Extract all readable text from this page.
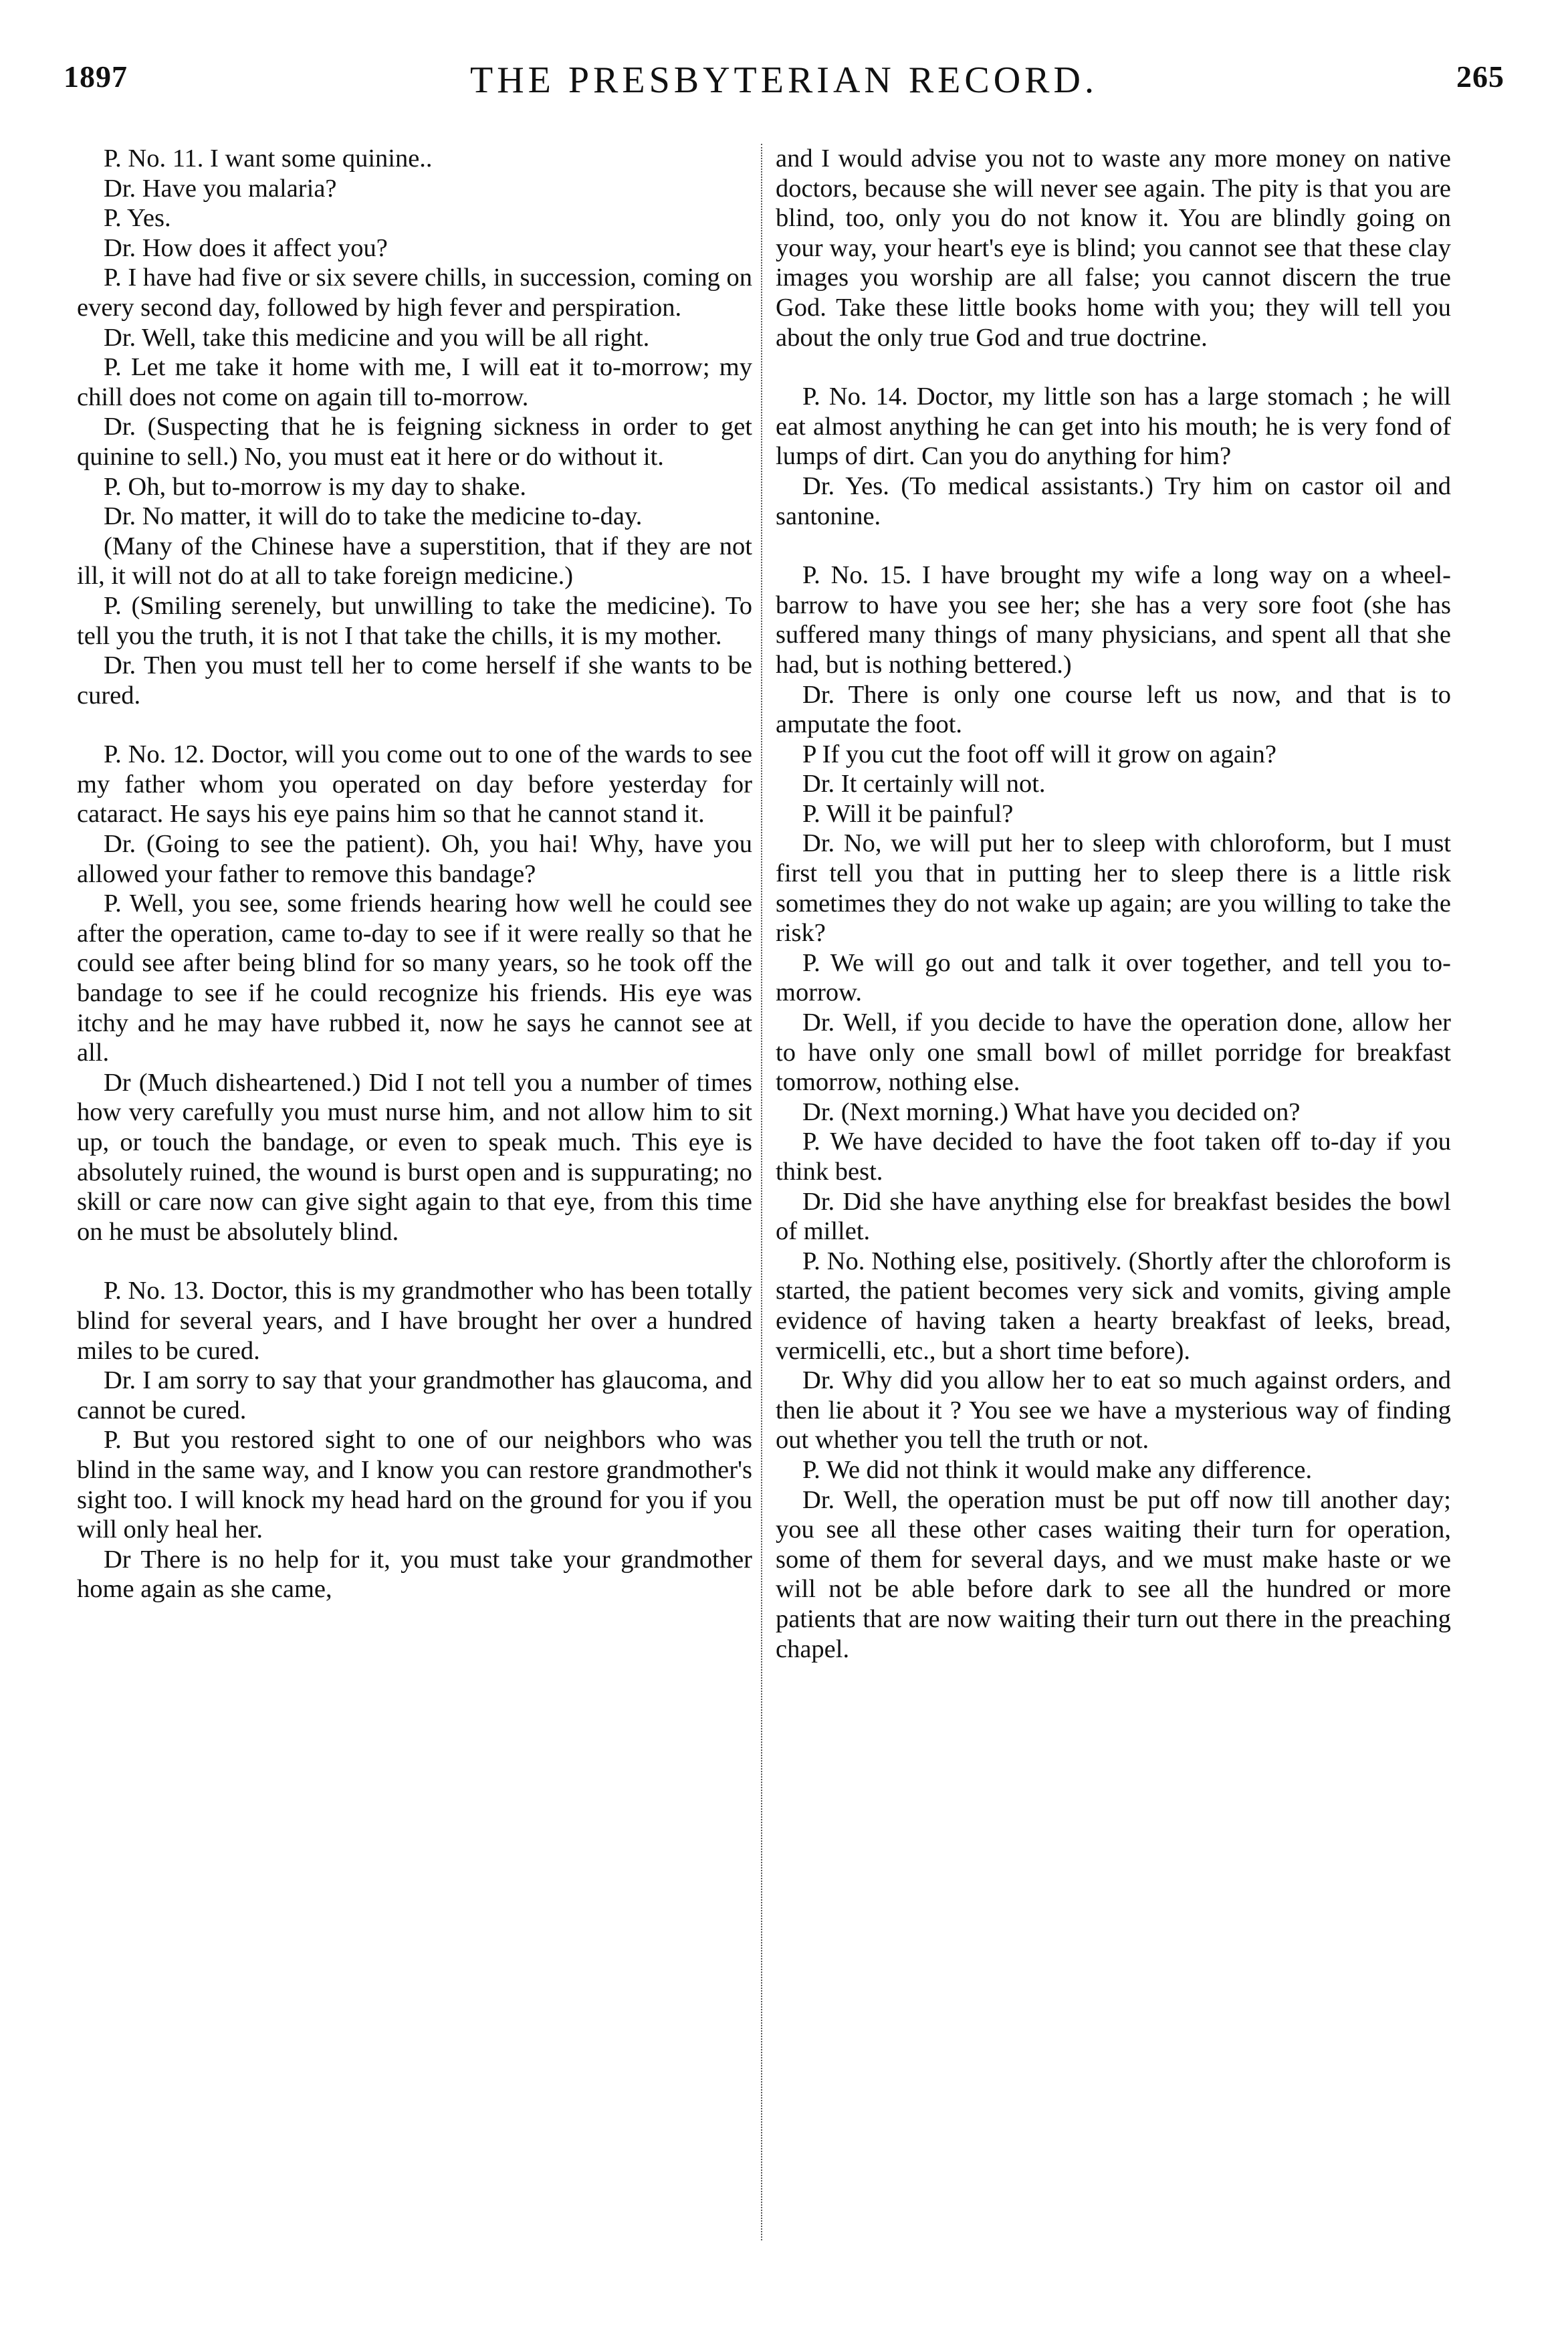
1897	THE PRESBYTERIAN RECORD.	265

P. No. 11. I want some quinine..

Dr. Have you malaria?

P. Yes.

Dr. How does it affect you?

P. I have had five or six severe chills, in succession, coming on every second day, followed by high fever and perspiration.

Dr. Well, take this medicine and you will be all right.

P. Let me take it home with me, I will eat it to-morrow; my chill does not come on again till to-morrow.

Dr. (Suspecting that he is feigning sickness in order to get quinine to sell.) No, you must eat it here or do without it.

P. Oh, but to-morrow is my day to shake.

Dr. No matter, it will do to take the medicine to-day.

(Many of the Chinese have a superstition, that if they are not ill, it will not do at all to take foreign medicine.)

P. (Smiling serenely, but unwilling to take the medicine). To tell you the truth, it is not I that take the chills, it is my mother.

Dr. Then you must tell her to come herself if she wants to be cured.

P. No. 12. Doctor, will you come out to one of the wards to see my father whom you operated on day before yesterday for cataract. He says his eye pains him so that he cannot stand it.

Dr. (Going to see the patient). Oh, you hai! Why, have you allowed your father to remove this bandage?

P. Well, you see, some friends hearing how well he could see after the operation, came to-day to see if it were really so that he could see after being blind for so many years, so he took off the bandage to see if he could recognize his friends. His eye was itchy and he may have rubbed it, now he says he cannot see at all.

Dr (Much disheartened.) Did I not tell you a number of times how very carefully you must nurse him, and not allow him to sit up, or touch the bandage, or even to speak much. This eye is absolutely ruined, the wound is burst open and is suppurating; no skill or care now can give sight again to that eye, from this time on he must be absolutely blind.

P. No. 13. Doctor, this is my grandmother who has been totally blind for several years, and I have brought her over a hundred miles to be cured.

Dr. I am sorry to say that your grandmother has glaucoma, and cannot be cured.

P. But you restored sight to one of our neighbors who was blind in the same way, and I know you can restore grandmother's sight too. I will knock my head hard on the ground for you if you will only heal her.

Dr There is no help for it, you must take your grandmother home again as she came,

and I would advise you not to waste any more money on native doctors, because she will never see again. The pity is that you are blind, too, only you do not know it. You are blindly going on your way, your heart's eye is blind; you cannot see that these clay images you worship are all false; you cannot discern the true God. Take these little books home with you; they will tell you about the only true God and true doctrine.

P. No. 14. Doctor, my little son has a large stomach ; he will eat almost anything he can get into his mouth; he is very fond of lumps of dirt. Can you do anything for him?

Dr. Yes. (To medical assistants.) Try him on castor oil and santonine.

P. No. 15. I have brought my wife a long way on a wheel-barrow to have you see her; she has a very sore foot (she has suffered many things of many physicians, and spent all that she had, but is nothing bettered.)

Dr. There is only one course left us now, and that is to amputate the foot.

P If you cut the foot off will it grow on again?

Dr. It certainly will not.

P. Will it be painful?

Dr. No, we will put her to sleep with chloroform, but I must first tell you that in putting her to sleep there is a little risk sometimes they do not wake up again; are you willing to take the risk?

P. We will go out and talk it over together, and tell you to-morrow.

Dr. Well, if you decide to have the operation done, allow her to have only one small bowl of millet porridge for breakfast tomorrow, nothing else.

Dr. (Next morning.) What have you decided on?

P. We have decided to have the foot taken off to-day if you think best.

Dr. Did she have anything else for breakfast besides the bowl of millet.

P. No. Nothing else, positively. (Shortly after the chloroform is started, the patient becomes very sick and vomits, giving ample evidence of having taken a hearty breakfast of leeks, bread, vermicelli, etc., but a short time before).

Dr. Why did you allow her to eat so much against orders, and then lie about it ? You see we have a mysterious way of finding out whether you tell the truth or not.

P. We did not think it would make any difference.

Dr. Well, the operation must be put off now till another day; you see all these other cases waiting their turn for operation, some of them for several days, and we must make haste or we will not be able before dark to see all the hundred or more patients that are now waiting their turn out there in the preaching chapel.
